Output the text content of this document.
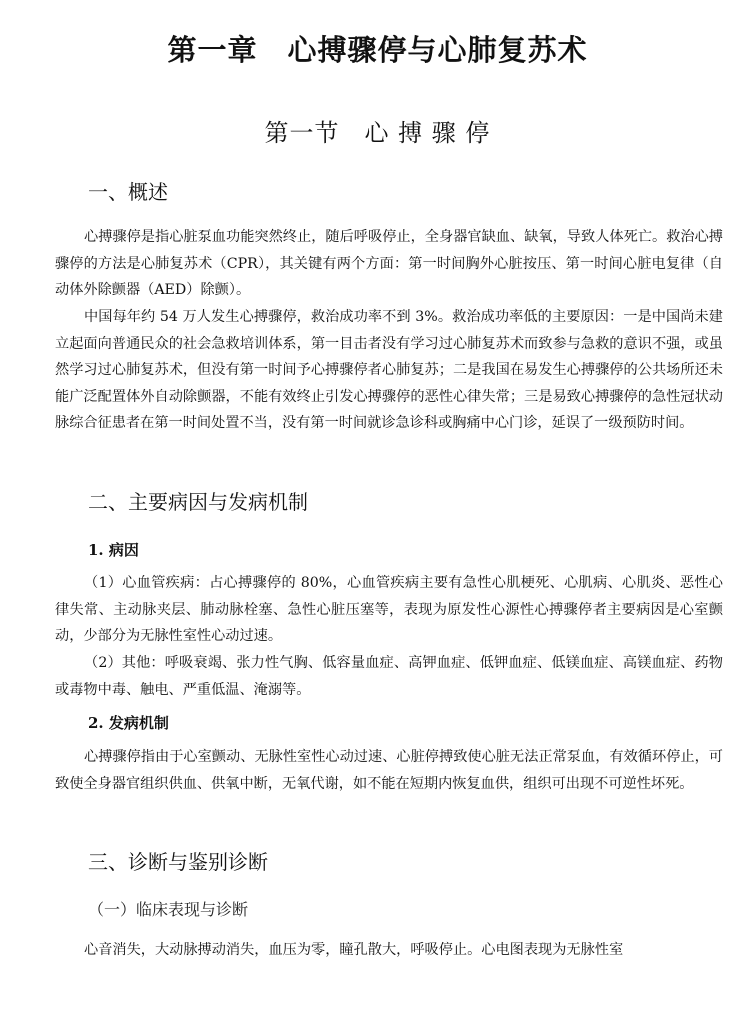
第一章　心搏骤停与心肺复苏术
第一节　心 搏 骤 停
一、概述

心搏骤停是指心脏泵血功能突然终止，随后呼吸停止，全身器官缺血、缺氧，导致人体死亡。救治心搏骤停的方法是心肺复苏术（CPR），其关键有两个方面：第一时间胸外心脏按压、第一时间心脏电复律（自动体外除颤器（AED）除颤）。

中国每年约 54 万人发生心搏骤停，救治成功率不到 3%。救治成功率低的主要原因：一是中国尚未建立起面向普通民众的社会急救培训体系，第一目击者没有学习过心肺复苏术而致参与急救的意识不强，或虽然学习过心肺复苏术，但没有第一时间予心搏骤停者心肺复苏；二是我国在易发生心搏骤停的公共场所还未能广泛配置体外自动除颤器，不能有效终止引发心搏骤停的恶性心律失常；三是易致心搏骤停的急性冠状动脉综合征患者在第一时间处置不当，没有第一时间就诊急诊科或胸痛中心门诊，延误了一级预防时间。

二、主要病因与发病机制
1. 病因

（1）心血管疾病：占心搏骤停的 80%，心血管疾病主要有急性心肌梗死、心肌病、心肌炎、恶性心律失常、主动脉夹层、肺动脉栓塞、急性心脏压塞等，表现为原发性心源性心搏骤停者主要病因是心室颤动，少部分为无脉性室性心动过速。

（2）其他：呼吸衰竭、张力性气胸、低容量血症、高钾血症、低钾血症、低镁血症、高镁血症、药物或毒物中毒、触电、严重低温、淹溺等。

2. 发病机制

心搏骤停指由于心室颤动、无脉性室性心动过速、心脏停搏致使心脏无法正常泵血，有效循环停止，可致使全身器官组织供血、供氧中断，无氧代谢，如不能在短期内恢复血供，组织可出现不可逆性坏死。

三、诊断与鉴别诊断
（一）临床表现与诊断

心音消失，大动脉搏动消失，血压为零，瞳孔散大，呼吸停止。心电图表现为无脉性室
